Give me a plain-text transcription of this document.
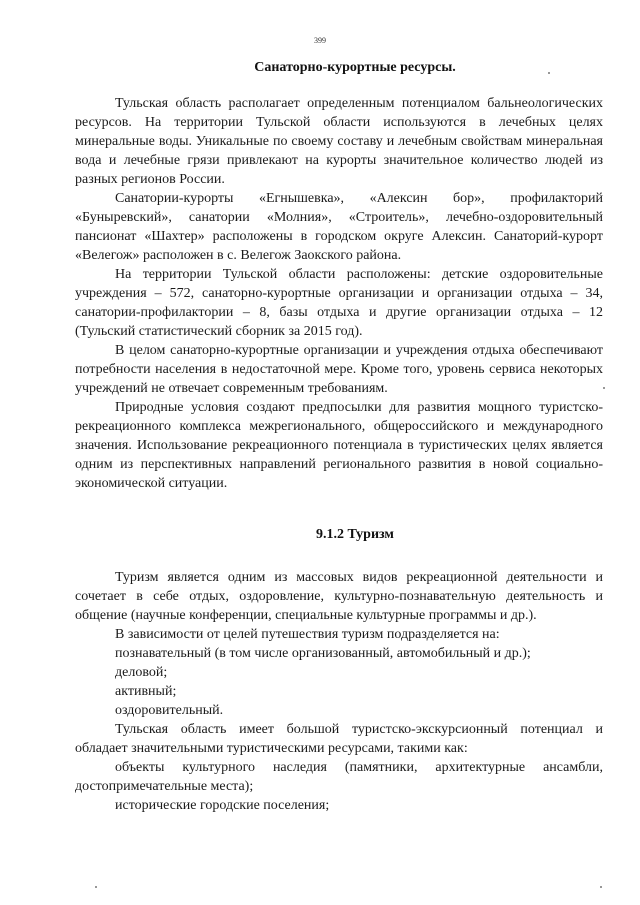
399
Санаторно-курортные ресурсы.

Тульская область располагает определенным потенциалом бальнеологических ресурсов. На территории Тульской области используются в лечебных целях минеральные воды. Уникальные по своему составу и лечебным свойствам минеральная вода и лечебные грязи привлекают на курорты значительное количество людей из разных регионов России.

Санатории-курорты «Егнышевка», «Алексин бор», профилакторий «Буныревский», санатории «Молния», «Строитель», лечебно-оздоровительный пансионат «Шахтер» расположены в городском округе Алексин. Санаторий-курорт «Велегож» расположен в с. Велегож Заокского района.

На территории Тульской области расположены: детские оздоровительные учреждения – 572, санаторно-курортные организации и организации отдыха – 34, санатории-профилактории – 8, базы отдыха и другие организации отдыха – 12 (Тульский статистический сборник за 2015 год).

В целом санаторно-курортные организации и учреждения отдыха обеспечивают потребности населения в недостаточной мере. Кроме того, уровень сервиса некоторых учреждений не отвечает современным требованиям.

Природные условия создают предпосылки для развития мощного туристско-рекреационного комплекса межрегионального, общероссийского и международного значения. Использование рекреационного потенциала в туристических целях является одним из перспективных направлений регионального развития в новой социально-экономической ситуации.

9.1.2 Туризм

Туризм является одним из массовых видов рекреационной деятельности и сочетает в себе отдых, оздоровление, культурно-познавательную деятельность и общение (научные конференции, специальные культурные программы и др.).

В зависимости от целей путешествия туризм подразделяется на:

познавательный (в том числе организованный, автомобильный и др.);

деловой;

активный;

оздоровительный.

Тульская область имеет большой туристско-экскурсионный потенциал и обладает значительными туристическими ресурсами, такими как:

объекты культурного наследия (памятники, архитектурные ансамбли, достопримечательные места);

исторические городские поселения;
